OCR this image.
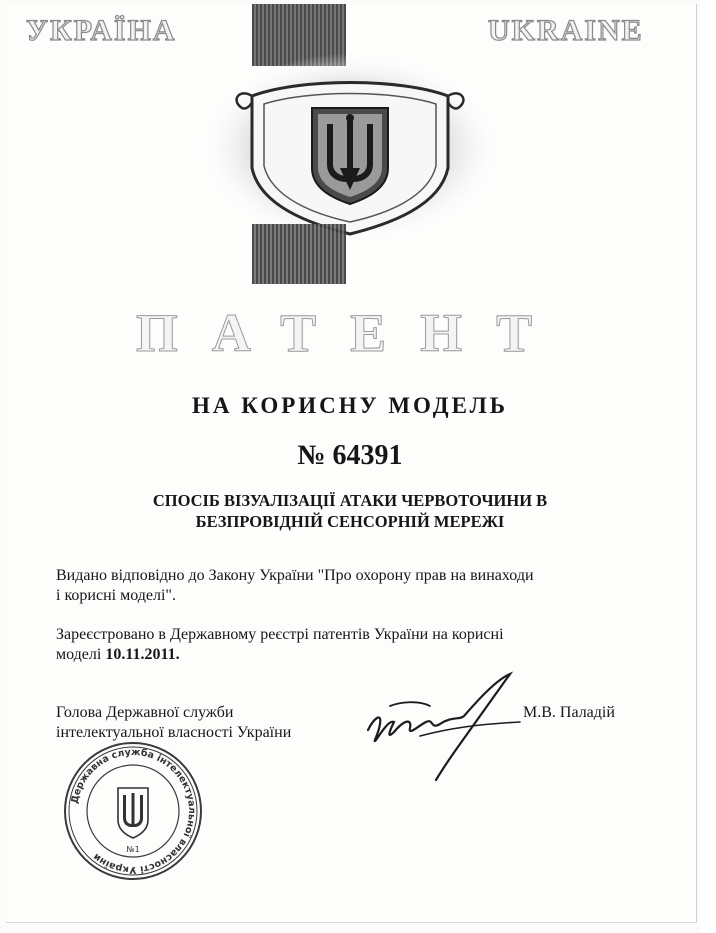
УКРАЇНА	UKRAINE
ПАТЕНТ
НА КОРИСНУ МОДЕЛЬ
№ 64391
СПОСІБ ВІЗУАЛІЗАЦІЇ АТАКИ ЧЕРВОТОЧИНИ В
БЕЗПРОВІДНІЙ СЕНСОРНІЙ МЕРЕЖІ
Видано відповідно до Закону України "Про охорону прав на винаходи
і корисні моделі".
Зареєстровано в Державному реєстрі патентів України на корисні
моделі 10.11.2011.
Голова Державної служби
інтелектуальної власності України
М.В. Паладій
Державна служба інтелектуальної власності України
№1
